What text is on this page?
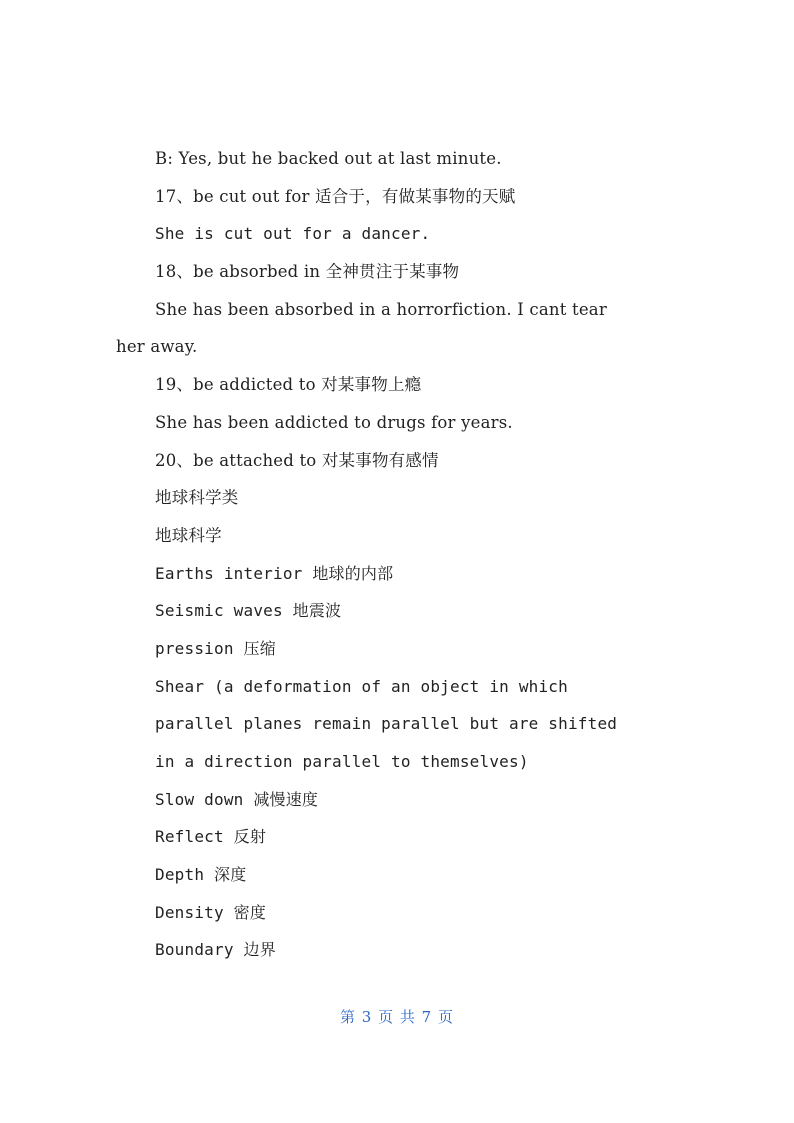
B: Yes, but he backed out at last minute.
17、be cut out for 适合于，有做某事物的天赋
She is cut out for a dancer.
18、be absorbed in 全神贯注于某事物
She has been absorbed in a horrorfiction. I cant tear
her away.
19、be addicted to 对某事物上瘾
She has been addicted to drugs for years.
20、be attached to 对某事物有感情
地球科学类
地球科学
Earths interior 地球的内部
Seismic waves 地震波
pression 压缩
Shear (a deformation of an object in which
parallel planes remain parallel but are shifted
in a direction parallel to themselves)
Slow down 减慢速度
Reflect 反射
Depth 深度
Density 密度
Boundary 边界
第 3 页 共 7 页
